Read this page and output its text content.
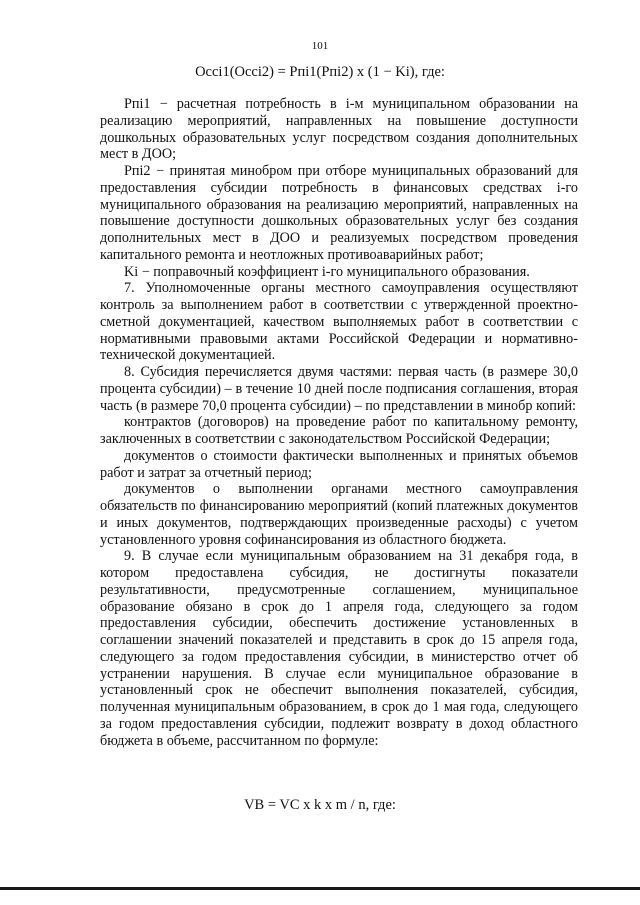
101
Occi1(Occi2) = Pпi1(Pпi2) x (1 − Ki), где:

Pпi1 − расчетная потребность в i-м муниципальном образовании на реализацию мероприятий, направленных на повышение доступности дошкольных образовательных услуг посредством создания дополнительных мест в ДОО;

Pпi2 − принятая минобром при отборе муниципальных образований для предоставления субсидии потребность в финансовых средствах i-го муниципального образования на реализацию мероприятий, направленных на повышение доступности дошкольных образовательных услуг без создания дополнительных мест в ДОО и реализуемых посредством проведения капитального ремонта и неотложных противоаварийных работ;

Ki − поправочный коэффициент i-го муниципального образования.

7. Уполномоченные органы местного самоуправления осуществляют контроль за выполнением работ в соответствии с утвержденной проектно-сметной документацией, качеством выполняемых работ в соответствии с нормативными правовыми актами Российской Федерации и нормативно-технической документацией.

8. Субсидия перечисляется двумя частями: первая часть (в размере 30,0 процента субсидии) – в течение 10 дней после подписания соглашения, вторая часть (в размере 70,0 процента субсидии) – по представлении в минобр копий:

контрактов (договоров) на проведение работ по капитальному ремонту, заключенных в соответствии с законодательством Российской Федерации;

документов о стоимости фактически выполненных и принятых объемов работ и затрат за отчетный период;

документов о выполнении органами местного самоуправления обязательств по финансированию мероприятий (копий платежных документов и иных документов, подтверждающих произведенные расходы) с учетом установленного уровня софинансирования из областного бюджета.

9. В случае если муниципальным образованием на 31 декабря года, в котором предоставлена субсидия, не достигнуты показатели результативности, предусмотренные соглашением, муниципальное образование обязано в срок до 1 апреля года, следующего за годом предоставления субсидии, обеспечить достижение установленных в соглашении значений показателей и представить в срок до 15 апреля года, следующего за годом предоставления субсидии, в министерство отчет об устранении нарушения. В случае если муниципальное образование в установленный срок не обеспечит выполнения показателей, субсидия, полученная муниципальным образованием, в срок до 1 мая года, следующего за годом предоставления субсидии, подлежит возврату в доход областного бюджета в объеме, рассчитанном по формуле:

VB = VC x k x m / n, где:
